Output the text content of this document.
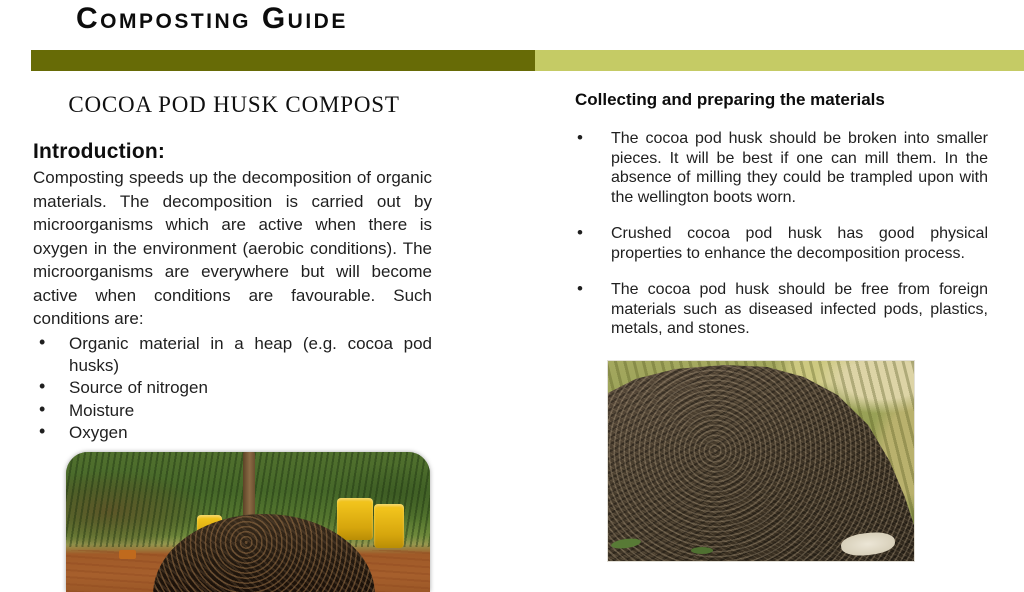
Composting Guide
COCOA POD HUSK COMPOST
Introduction:

Composting speeds up the decomposition of organic materials. The decomposition is carried out by microorganisms which are active when there is oxygen in the environment (aerobic conditions). The microorganisms are everywhere but will become active when conditions are favourable. Such conditions are:

• Organic material in a heap (e.g. cocoa pod husks)
• Source of nitrogen
• Moisture
• Oxygen
Collecting and preparing the materials
• The cocoa pod husk should be broken into smaller pieces. It will be best if one can mill them. In the absence of milling they could be trampled upon with the wellington boots worn.
• Crushed cocoa pod husk has good physical properties to enhance the decomposition process.
• The cocoa pod husk should be free from foreign materials such as diseased infected pods, plastics, metals, and stones.
